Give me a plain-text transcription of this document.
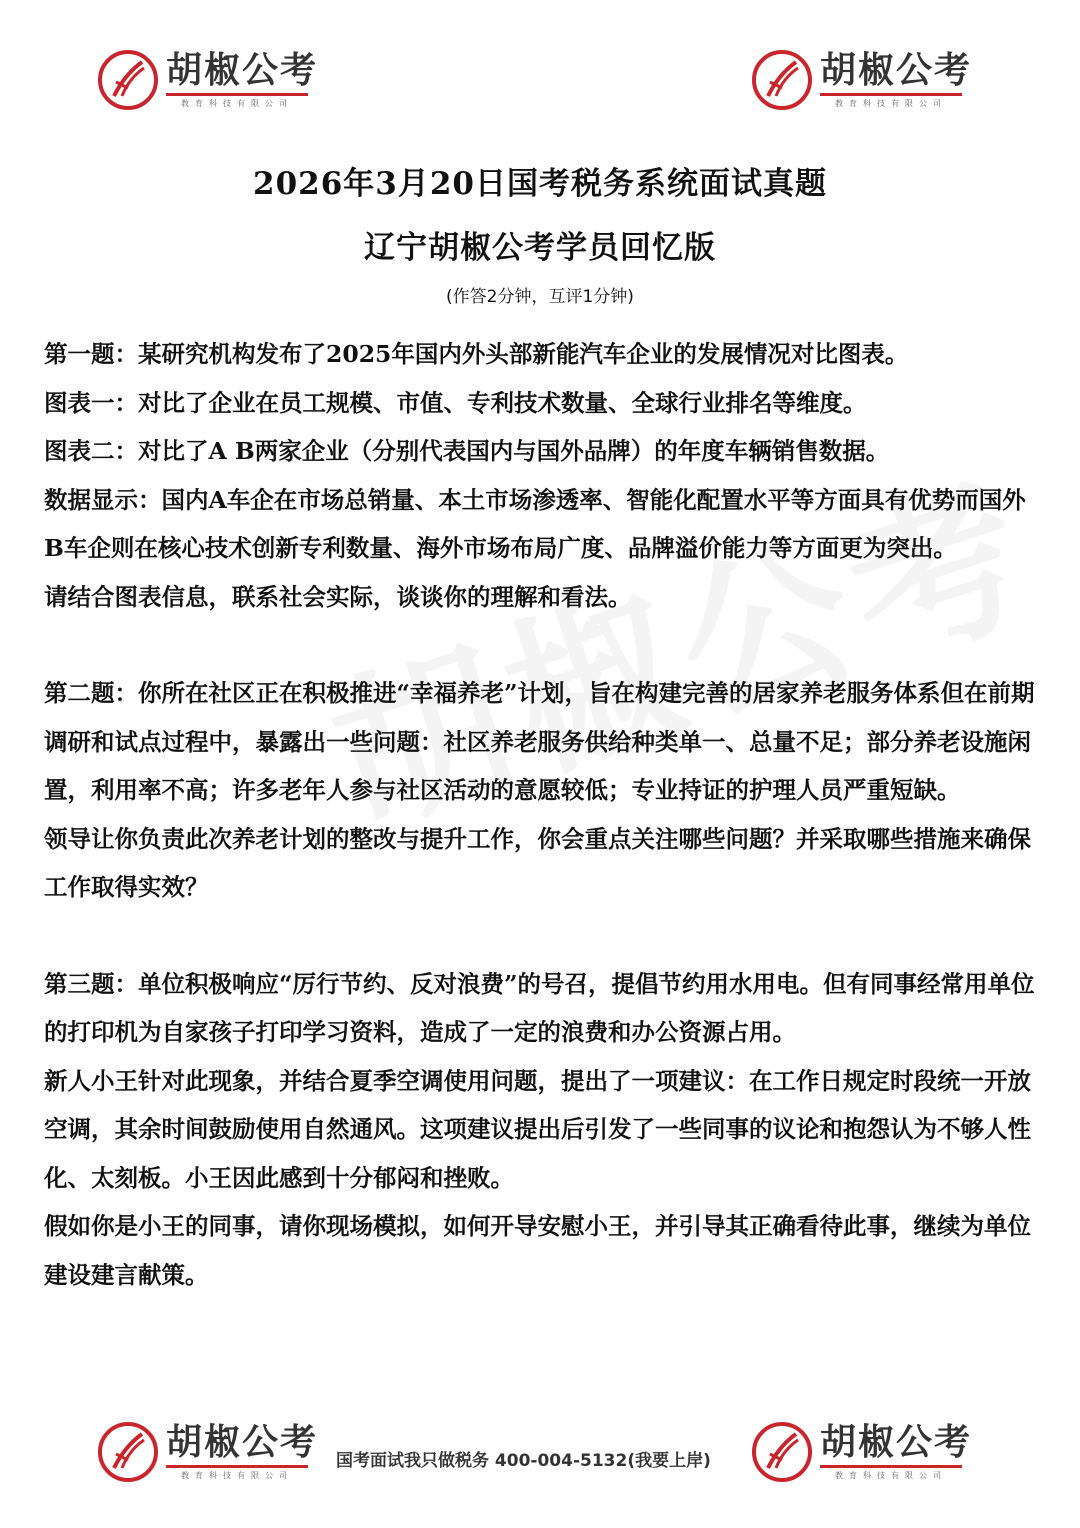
胡椒公考
教育科技有限公司
胡椒公考
教育科技有限公司
2026年3月20日国考税务系统面试真题
辽宁胡椒公考学员回忆版
(作答2分钟，互评1分钟)

第一题：某研究机构发布了2025年国内外头部新能汽车企业的发展情况对比图表。

图表一：对比了企业在员工规模、市值、专利技术数量、全球行业排名等维度。

图表二：对比了A B两家企业（分别代表国内与国外品牌）的年度车辆销售数据。

数据显示：国内A车企在市场总销量、本土市场渗透率、智能化配置水平等方面具有优势而国外B车企则在核心技术创新专利数量、海外市场布局广度、品牌溢价能力等方面更为突出。

请结合图表信息，联系社会实际，谈谈你的理解和看法。

第二题：你所在社区正在积极推进“幸福养老”计划，旨在构建完善的居家养老服务体系但在前期调研和试点过程中，暴露出一些问题：社区养老服务供给种类单一、总量不足；部分养老设施闲置，利用率不高；许多老年人参与社区活动的意愿较低；专业持证的护理人员严重短缺。

领导让你负责此次养老计划的整改与提升工作，你会重点关注哪些问题？并采取哪些措施来确保工作取得实效？

第三题：单位积极响应“厉行节约、反对浪费”的号召，提倡节约用水用电。但有同事经常用单位的打印机为自家孩子打印学习资料，造成了一定的浪费和办公资源占用。

新人小王针对此现象，并结合夏季空调使用问题，提出了一项建议：在工作日规定时段统一开放空调，其余时间鼓励使用自然通风。这项建议提出后引发了一些同事的议论和抱怨认为不够人性化、太刻板。小王因此感到十分郁闷和挫败。

假如你是小王的同事，请你现场模拟，如何开导安慰小王，并引导其正确看待此事，继续为单位建设建言献策。

胡椒公考
教育科技有限公司
国考面试我只做税务 400-004-5132(我要上岸)	胡椒公考
教育科技有限公司
